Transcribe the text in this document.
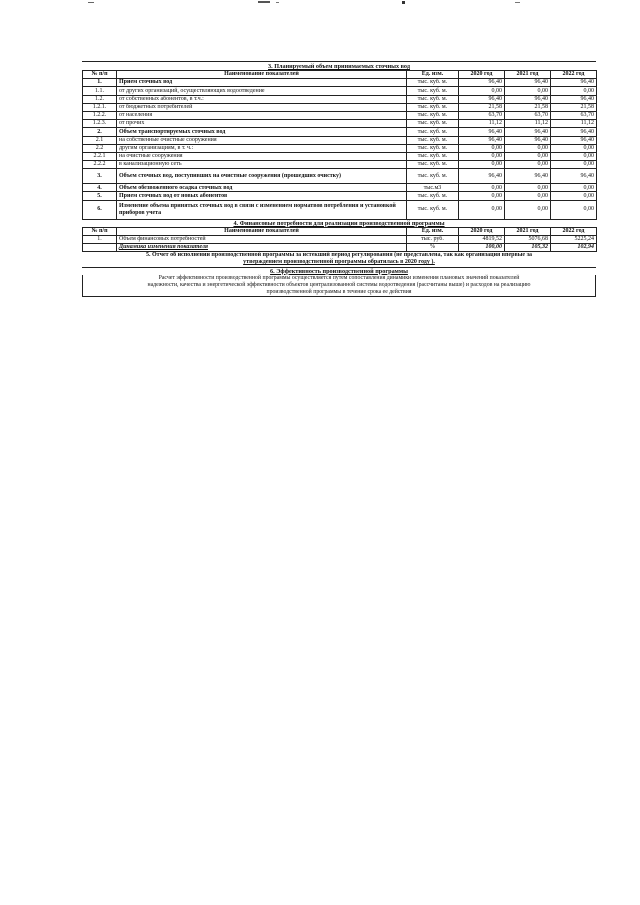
3. Планируемый объем принимаемых сточных вод
№ п/п	Наименование показателей	Ед. изм.	2020 год	2021 год	2022 год
1.	Прием сточных вод	тыс. куб. м.	96,40	96,40	96,40
1.1.	от других организаций, осуществляющих водоотведение	тыс. куб. м.	0,00	0,00	0,00
1.2.	от собственных абонентов, в т.ч.:	тыс. куб. м.	96,40	96,40	96,40
1.2.1.	от бюджетных потребителей	тыс. куб. м.	21,58	21,58	21,58
1.2.2.	от населения	тыс. куб. м.	63,70	63,70	63,70
1.2.3.	от прочих	тыс. куб. м.	11,12	11,12	11,12
2.	Объем транспортируемых сточных вод	тыс. куб. м.	96,40	96,40	96,40
2.1	на собственные очистные сооружения	тыс. куб. м.	96,40	96,40	96,40
2.2	другим организациям, в т. ч.:	тыс. куб. м.	0,00	0,00	0,00
2.2.1	на очистные сооружения	тыс. куб. м.	0,00	0,00	0,00
2.2.2	в канализационную сеть	тыс. куб. м.	0,00	0,00	0,00
3.	Объем сточных вод, поступивших на очистные сооружения (прошедших очистку)	тыс. куб. м.	96,40	96,40	96,40
4.	Объем обезвоженного осадка сточных вод	тыс.м3	0,00	0,00	0,00
5.	Прием сточных вод от новых абонентов	тыс. куб. м.	0,00	0,00	0,00
6.	Изменение объема принятых сточных вод в связи с изменением норматвов потребления и установкой приборов учета	тыс. куб. м.	0,00	0,00	0,00
4. Финансовые потребности для реализации производственной программы
№ п/п	Наименование показателей	Ед. изм.	2020 год	2021 год	2022 год
1.	Объем финансовых потребностей	тыс. руб.	4819,52	5076,68	5225,24
	Динамика изменения показателя	%	100,00	105,32	102,94
5. Отчет об исполнении производственной программы за истекший период регулирования (не представлена, так как организация впервые за
утверждением производственной программы обратилась в 2020 году ).
6. Эффективность производственной программы
Расчет эффективности производственной программы осуществляется путем сопоставления динамики изменения плановых значений показателей
надежности, качества и энергетической эффективности объектов централизованной системы водоотведения (рассчитаны выше) и расходов на реализацию
производственной программы в течение срока ее действия
